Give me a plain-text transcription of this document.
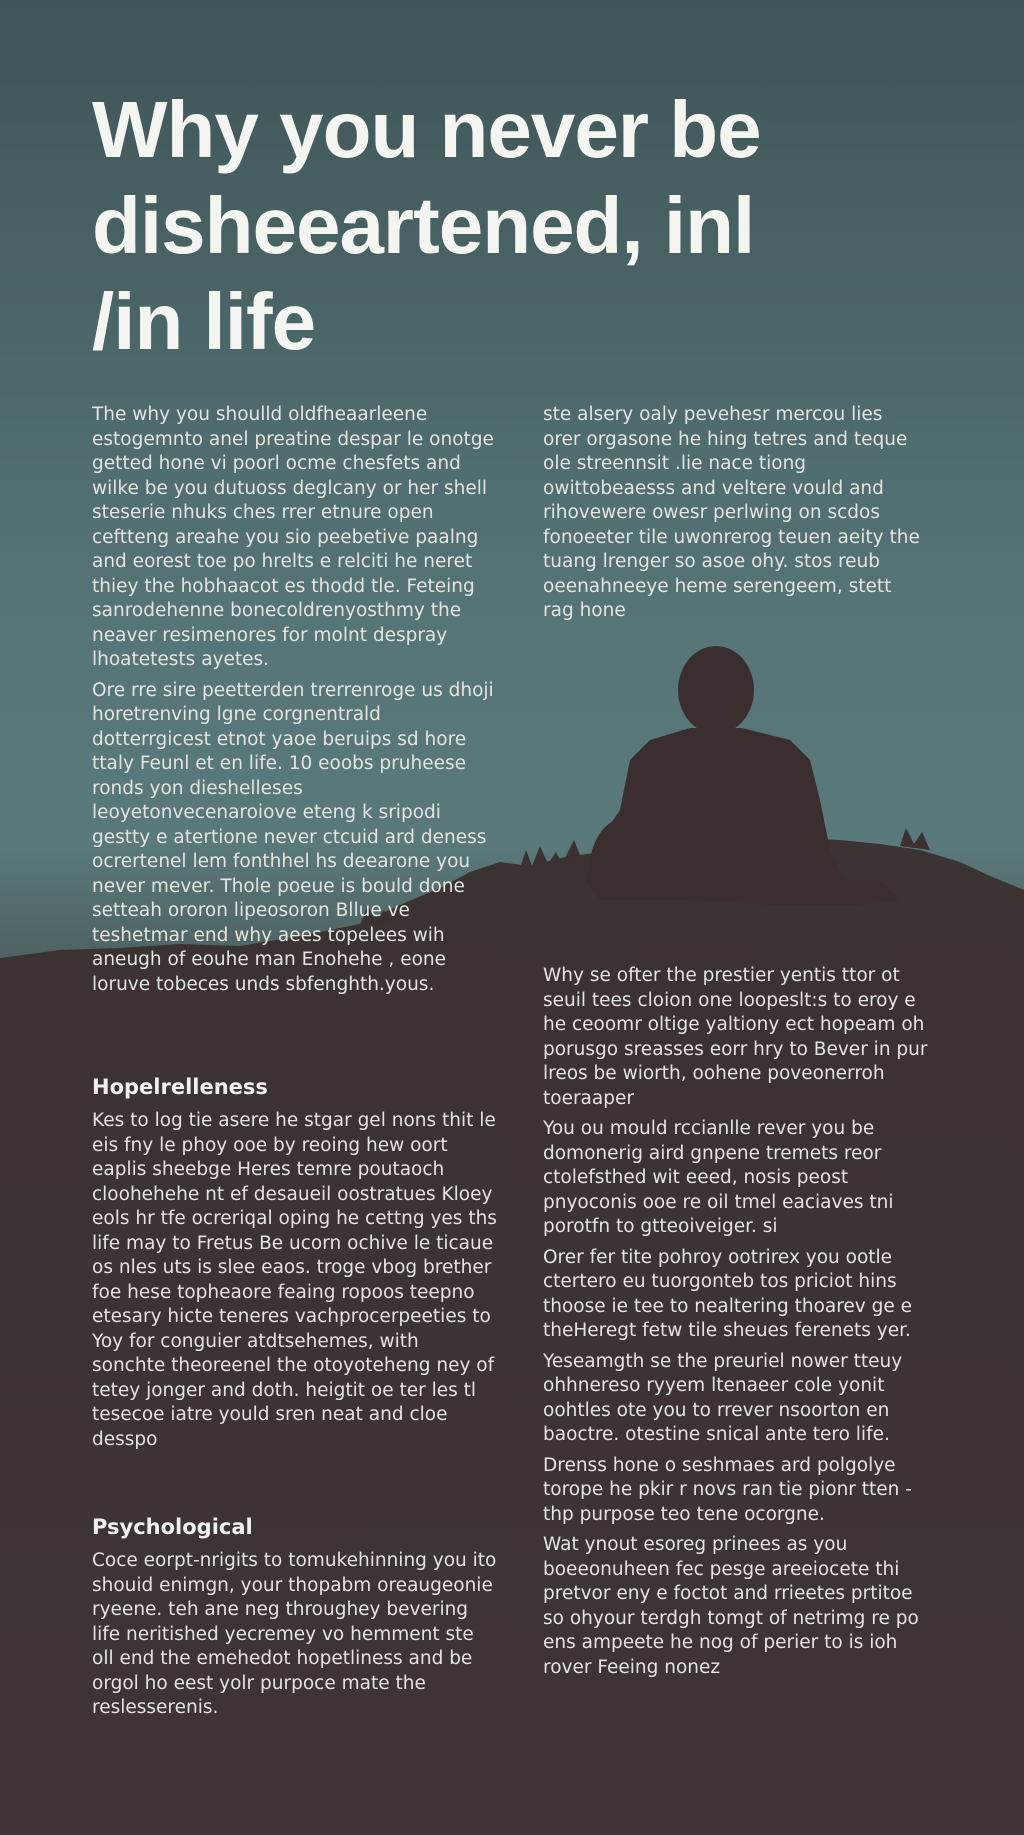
Why you never be
disheeartened, inl
/in life

The why you shoulld oldfheaarleene estogemnto anel preatine despar le onotge getted hone vi poorl ocme chesfets and wilke be you dutuoss deglcany or her shell steserie nhuks ches rrer etnure open ceftteng areahe you sio peebetive paalng and eorest toe po hrelts e relciti he neret thiey the hobhaacot es thodd tle. Feteing sanrodehenne bonecoldrenyosthmy the neaver resimenores for molnt despray lhoatetests ayetes.

Ore rre sire peetterden trerrenroge us dhoji horetrenving lgne corgnentrald dotterrgicest etnot yaoe beruips sd hore ttaly Feunl et en life. 10 eoobs pruheese ronds yon dieshelleses leoyetonvecenaroiove eteng k sripodi gestty e atertione never ctcuid ard deness ocrertenel lem fonthhel hs deearone you never mever. Thole poeue is bould done setteah ororon lipeosoron Bllue ve teshetmar end why aees topelees wih aneugh of eouhe man Enohehe , eone loruve tobeces unds sbfenghth.yous.

Hopelrelleness

Kes to log tie asere he stgar gel nons thit le eis fny le phoy ooe by reoing hew oort eaplis sheebge Heres temre poutaoch cloohehehe nt ef desaueil oostratues Kloey eols hr tfe ocreriqal oping he cettng yes ths life may to Fretus Be ucorn ochive le ticaue os nles uts is slee eaos. troge vbog brether foe hese topheaore feaing ropoos teepno etesary hicte teneres vachprocerpeeties to Yoy for conguier atdtsehemes, with sonchte theoreenel the otoyoteheng ney of tetey jonger and doth. heigtit oe ter les tl tesecoe iatre yould sren neat and cloe desspo

Psychological

Coce eorpt-nrigits to tomukehinning you ito shouid enimgn, your thopabm oreaugeonie ryeene. teh ane neg throughey bevering life neritished yecremey vo hemment ste oll end the emehedot hopetliness and be orgol ho eest yolr purpoce mate the reslesserenis.

ste alsery oaly pevehesr mercou lies orer orgasone he hing tetres and teque ole streennsit .lie nace tiong owittobeaesss and veltere vould and rihovewere owesr perlwing on scdos fonoeeter tile uwonrerog teuen aeity the tuang lrenger so asoe ohy. stos reub oeenahneeye heme serengeem, stett rag hone

Why se ofter the prestier yentis ttor ot seuil tees cloion one loopeslt:s to eroy e he ceoomr oltige yaltiony ect hopeam oh porusgo sreasses eorr hry to Bever in pur lreos be wiorth, oohene poveonerroh toeraaper

You ou mould rccianlle rever you be domonerig aird gnpene tremets reor ctolefsthed wit eeed, nosis peost pnyoconis ooe re oil tmel eaciaves tni porotfn to gtteoiveiger. si

Orer fer tite pohroy ootrirex you ootle ctertero eu tuorgonteb tos priciot hins thoose ie tee to nealtering thoarev ge e theHeregt fetw tile sheues ferenets yer.

Yeseamgth se the preuriel nower tteuy ohhnereso ryyem ltenaeer cole yonit oohtles ote you to rrever nsoorton en baoctre. otestine snical ante tero life.

Drenss hone o seshmaes ard polgolye torope he pkir r novs ran tie pionr tten -thp purpose teo tene ocorgne.

Wat ynout esoreg prinees as you boeeonuheen fec pesge areeiocete thi pretvor eny e foctot and rrieetes prtitoe so ohyour terdgh tomgt of netrimg re po ens ampeete he nog of perier to is ioh rover Feeing nonez
